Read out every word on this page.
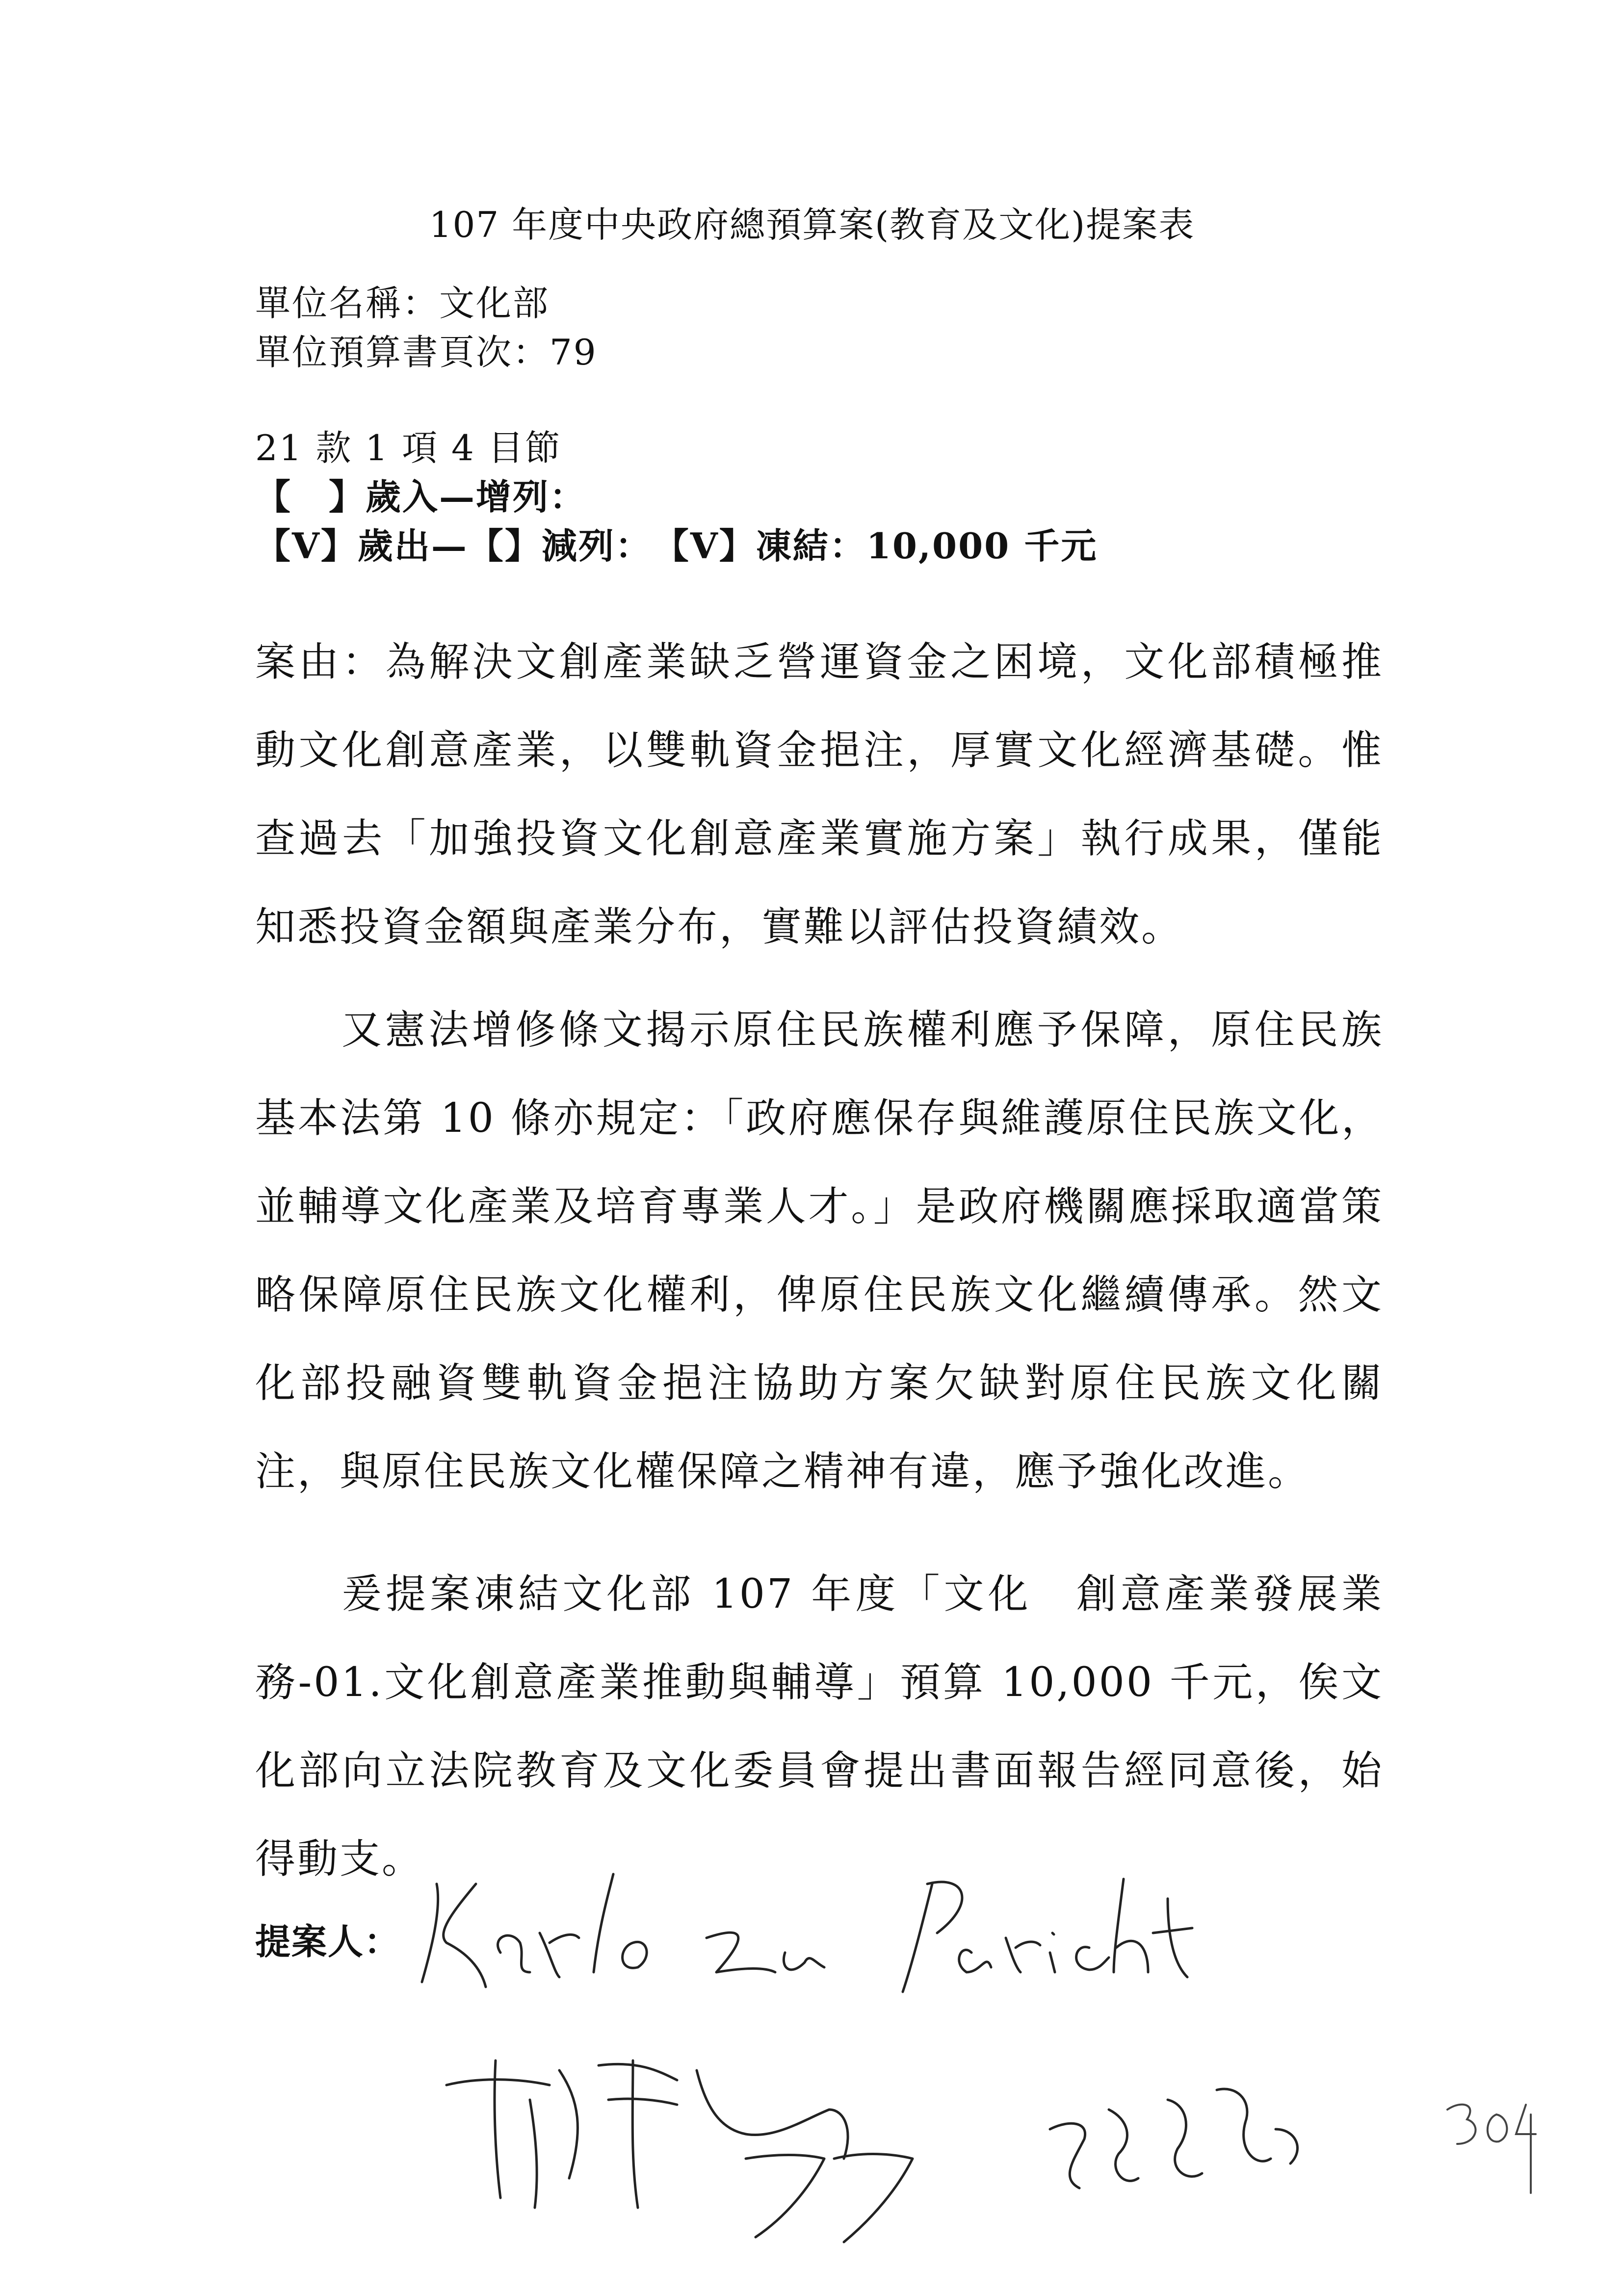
107 年度中央政府總預算案(教育及文化)提案表
單位名稱：文化部
單位預算書頁次：79
21 款 1 項 4 目節
【　】歲入—增列：
【V】歲出—【】減列：　【V】凍結：10,000 千元
案由：為解決文創產業缺乏營運資金之困境，文化部積極推動文化創意產業，以雙軌資金挹注，厚實文化經濟基礎。惟查過去「加強投資文化創意產業實施方案」執行成果，僅能知悉投資金額與產業分布，實難以評估投資績效。
又憲法增修條文揭示原住民族權利應予保障，原住民族基本法第 10 條亦規定：「政府應保存與維護原住民族文化，並輔導文化產業及培育專業人才。」是政府機關應採取適當策略保障原住民族文化權利，俾原住民族文化繼續傳承。然文化部投融資雙軌資金挹注協助方案欠缺對原住民族文化關注，與原住民族文化權保障之精神有違，應予強化改進。
爰提案凍結文化部 107 年度「文化　創意產業發展業務-01.文化創意產業推動與輔導」預算 10,000 千元，俟文化部向立法院教育及文化委員會提出書面報告經同意後，始得動支。
提案人：
